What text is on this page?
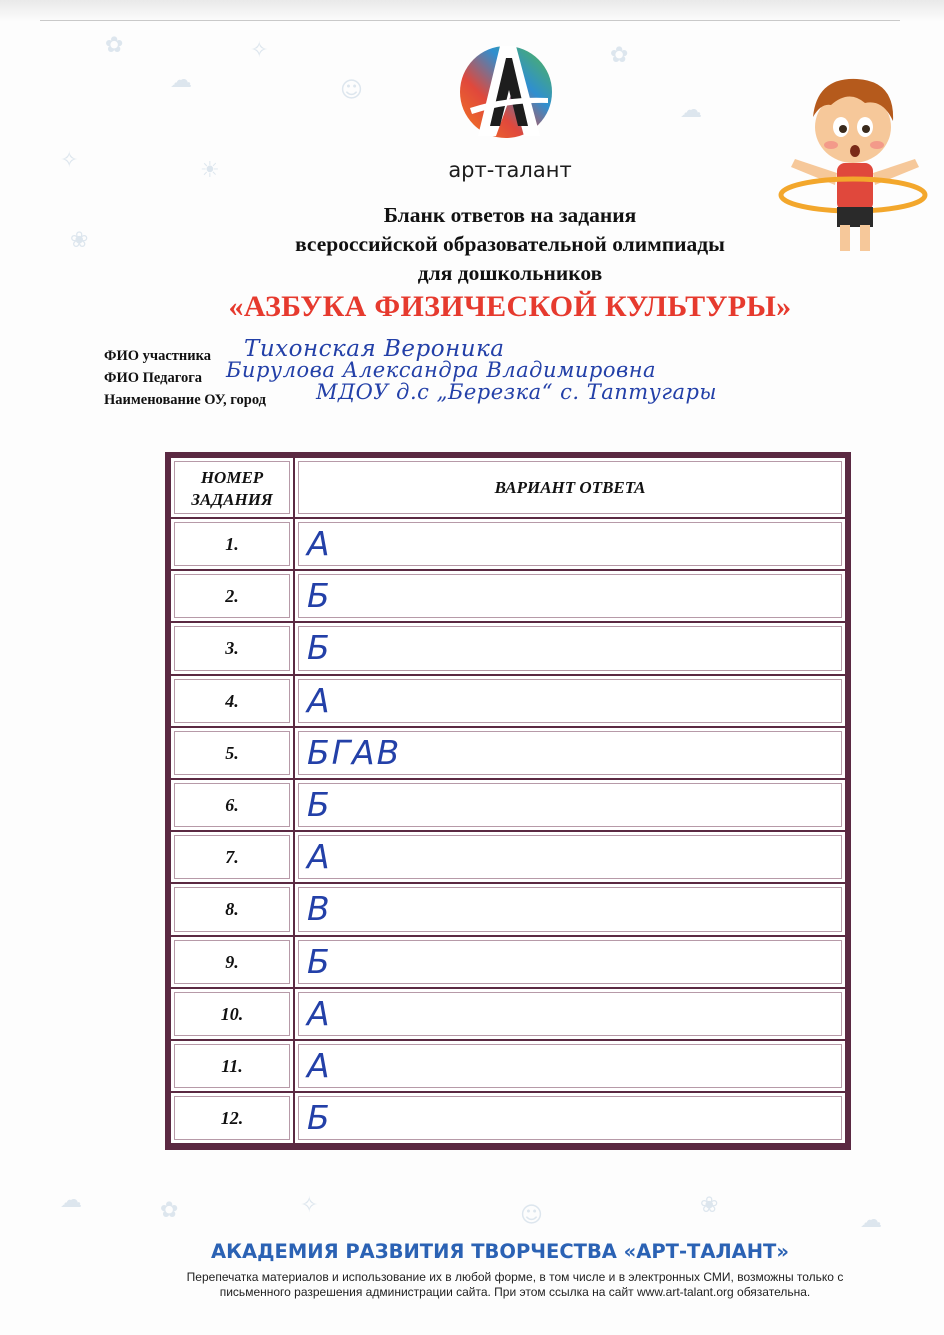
✿
☁
✧
☺
✿
☁
✧	☀
❀
☁	✿	✧	☺	❀
☁
арт-талант
Бланк ответов на задания
всероссийской образовательной олимпиады
для дошкольников
«АЗБУКА ФИЗИЧЕСКОЙ КУЛЬТУРЫ»
ФИО участника Тихонская Вероника
ФИО Педагога Бирулова Александра Владимировна
Наименование ОУ, город МДОУ д.с „Березка“ с. Таптугары
НОМЕР
ЗАДАНИЯ
ВАРИАНТ ОТВЕТА
1.	А
2.	Б
3.	Б
4.	А
5.	БГАВ
6.	Б
7.	А
8.	В
9.	Б
10.	А
11.	А
12.	Б
АКАДЕМИЯ РАЗВИТИЯ ТВОРЧЕСТВА «АРТ-ТАЛАНТ»
Перепечатка материалов и использование их в любой форме, в том числе и в электронных СМИ, возможны только с
письменного разрешения администрации сайта. При этом ссылка на сайт www.art-talant.org обязательна.
